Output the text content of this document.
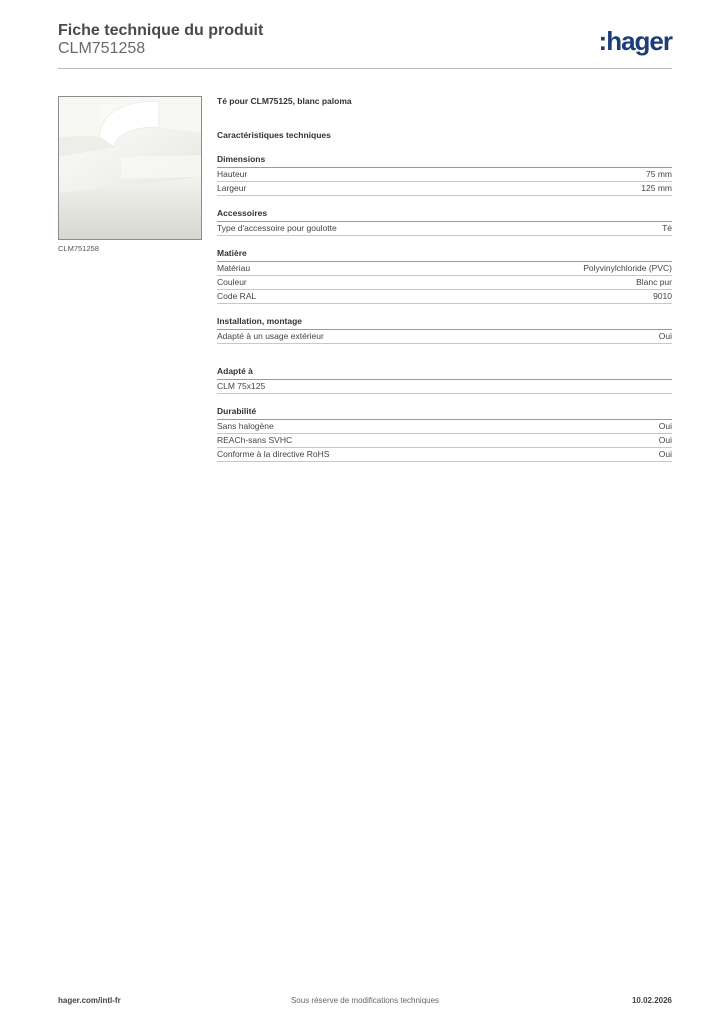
Fiche technique du produit
CLM751258	:hager
CLM751258
Té pour CLM75125, blanc paloma
Caractéristiques techniques
Dimensions
Hauteur	75 mm
Largeur	125 mm
Accessoires
Type d'accessoire pour goulotte	Té
Matière
Matériau	Polyvinylchloride (PVC)
Couleur	Blanc pur
Code RAL	9010
Installation, montage
Adapté à un usage extérieur	Oui
Adapté à
CLM 75x125
Durabilité
Sans halogène	Oui
REACh-sans SVHC	Oui
Conforme à la directive RoHS	Oui
hager.com/intl-fr	Sous réserve de modifications techniques	10.02.2026
